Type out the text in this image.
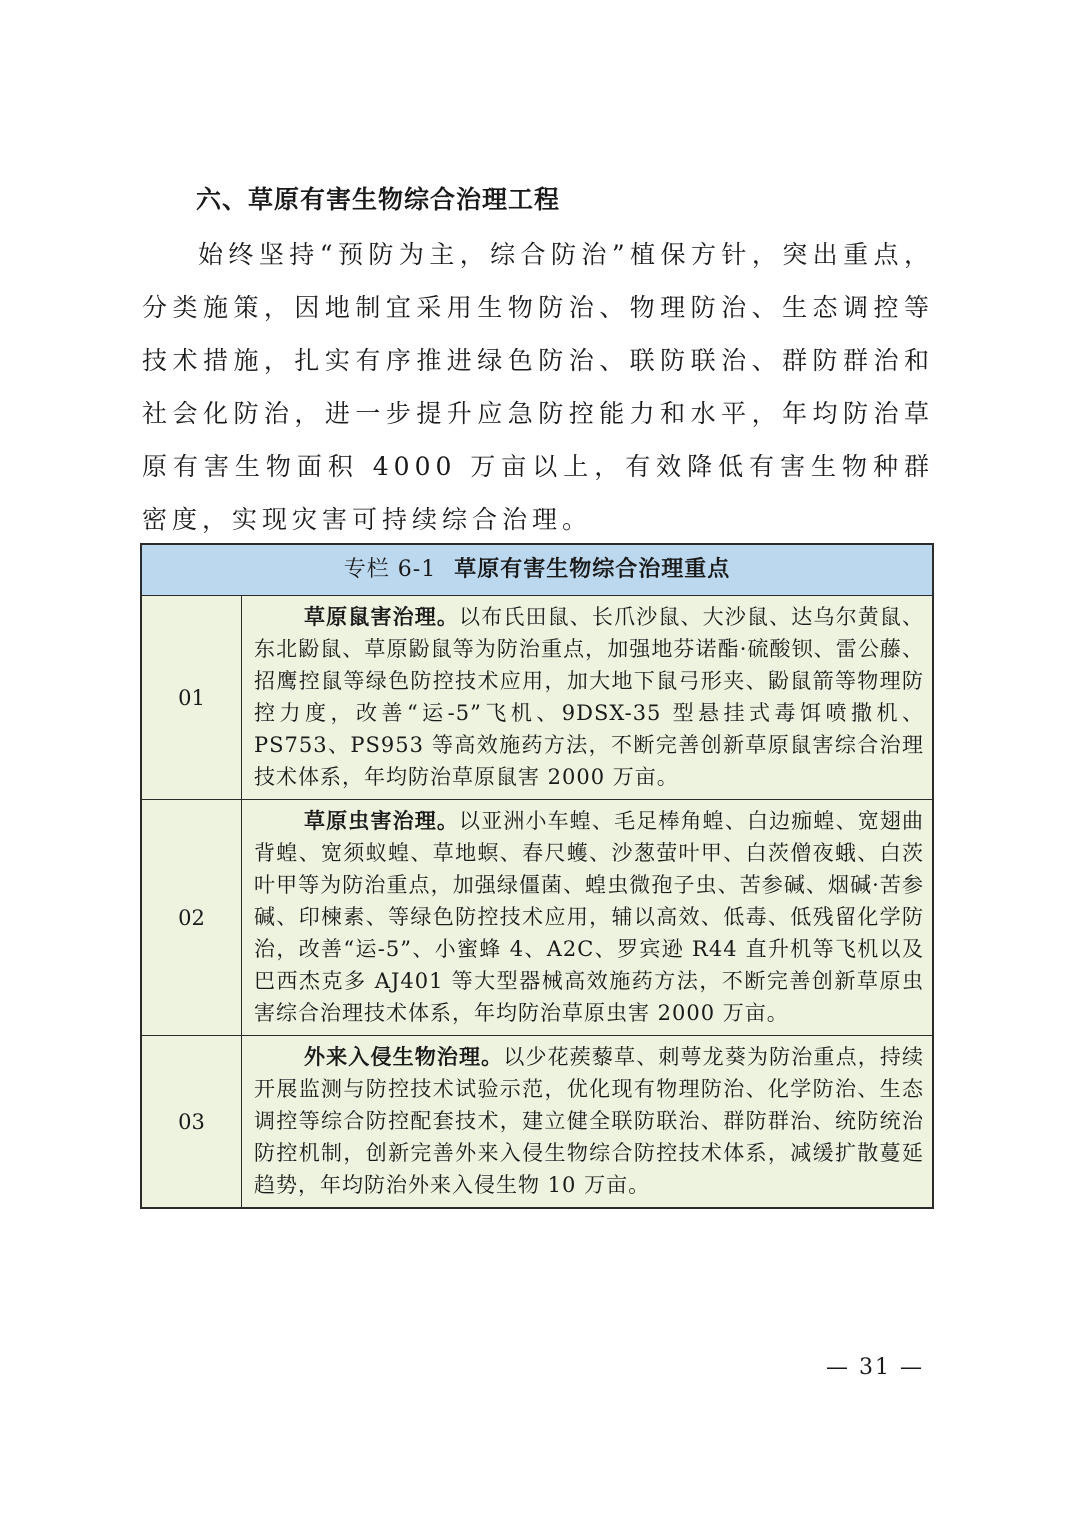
六、草原有害生物综合治理工程

始终坚持“预防为主，综合防治”植保方针，突出重点，分类施策，因地制宜采用生物防治、物理防治、生态调控等技术措施，扎实有序推进绿色防治、联防联治、群防群治和社会化防治，进一步提升应急防控能力和水平，年均防治草原有害生物面积 4000 万亩以上，有效降低有害生物种群密度，实现灾害可持续综合治理。

专栏 6-1 草原有害生物综合治理重点
01
草原鼠害治理。以布氏田鼠、长爪沙鼠、大沙鼠、达乌尔黄鼠、东北鼢鼠、草原鼢鼠等为防治重点，加强地芬诺酯·硫酸钡、雷公藤、招鹰控鼠等绿色防控技术应用，加大地下鼠弓形夹、鼢鼠箭等物理防控力度，改善“运-5”飞机、9DSX-35 型悬挂式毒饵喷撒机、PS753、PS953 等高效施药方法，不断完善创新草原鼠害综合治理技术体系，年均防治草原鼠害 2000 万亩。
02
草原虫害治理。以亚洲小车蝗、毛足棒角蝗、白边痂蝗、宽翅曲背蝗、宽须蚁蝗、草地螟、春尺蠖、沙葱萤叶甲、白茨僧夜蛾、白茨叶甲等为防治重点，加强绿僵菌、蝗虫微孢子虫、苦参碱、烟碱·苦参碱、印楝素、等绿色防控技术应用，辅以高效、低毒、低残留化学防治，改善“运-5”、小蜜蜂 4、A2C、罗宾逊 R44 直升机等飞机以及巴西杰克多 AJ401 等大型器械高效施药方法，不断完善创新草原虫害综合治理技术体系，年均防治草原虫害 2000 万亩。
03
外来入侵生物治理。以少花蒺藜草、刺萼龙葵为防治重点，持续开展监测与防控技术试验示范，优化现有物理防治、化学防治、生态调控等综合防控配套技术，建立健全联防联治、群防群治、统防统治防控机制，创新完善外来入侵生物综合防控技术体系，减缓扩散蔓延趋势，年均防治外来入侵生物 10 万亩。
— 31 —
